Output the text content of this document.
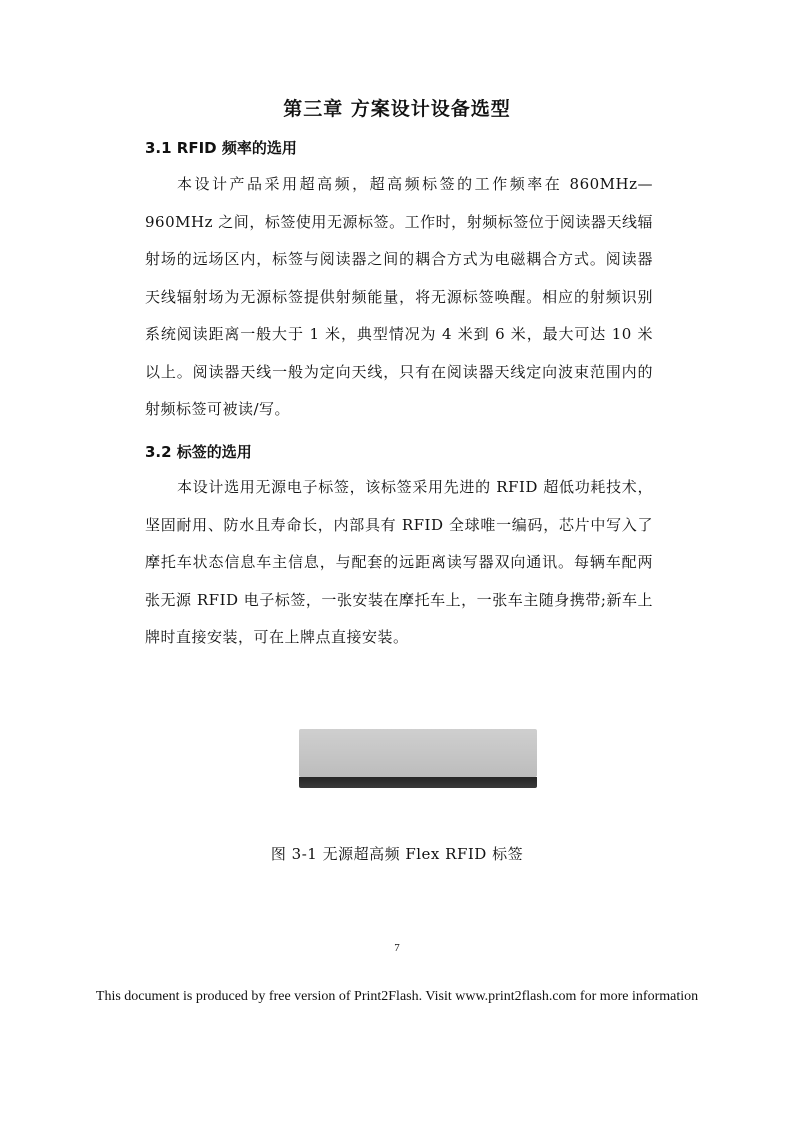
第三章 方案设计设备选型
3.1 RFID 频率的选用

本设计产品采用超高频，超高频标签的工作频率在 860MHz—960MHz 之间，标签使用无源标签。工作时，射频标签位于阅读器天线辐射场的远场区内，标签与阅读器之间的耦合方式为电磁耦合方式。阅读器天线辐射场为无源标签提供射频能量，将无源标签唤醒。相应的射频识别系统阅读距离一般大于 1 米，典型情况为 4 米到 6 米，最大可达 10 米以上。阅读器天线一般为定向天线，只有在阅读器天线定向波束范围内的射频标签可被读/写。

3.2 标签的选用

本设计选用无源电子标签，该标签采用先进的 RFID 超低功耗技术，坚固耐用、防水且寿命长，内部具有 RFID 全球唯一编码，芯片中写入了摩托车状态信息车主信息，与配套的远距离读写器双向通讯。每辆车配两张无源 RFID 电子标签，一张安装在摩托车上，一张车主随身携带;新车上牌时直接安装，可在上牌点直接安装。

图 3-1 无源超高频 Flex RFID 标签
7
This document is produced by free version of Print2Flash. Visit www.print2flash.com for more information
